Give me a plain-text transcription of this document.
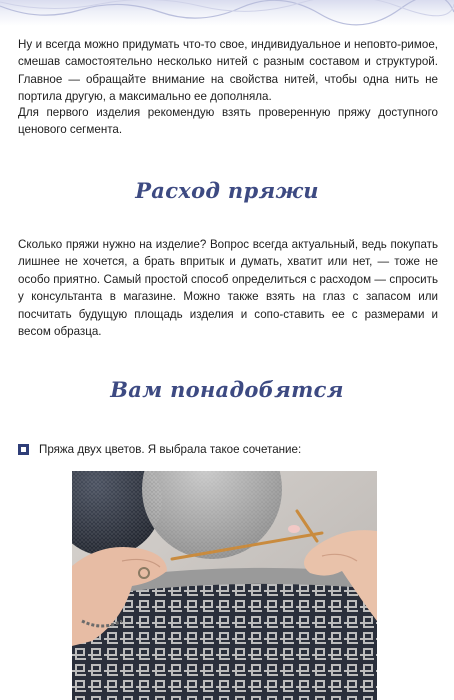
Ну и всегда можно придумать что-то свое, индивидуальное и неповто-римое, смешав самостоятельно несколько нитей с разным составом и структурой. Главное — обращайте внимание на свойства нитей, чтобы одна нить не портила другую, а максимально ее дополняла.

Для первого изделия рекомендую взять проверенную пряжу доступного ценового сегмента.

Расход пряжи

Сколько пряжи нужно на изделие? Вопрос всегда актуальный, ведь покупать лишнее не хочется, а брать впритык и думать, хватит или нет, — тоже не особо приятно. Самый простой способ определиться с расходом — спросить у консультанта в магазине. Можно также взять на глаз с запасом или посчитать будущую площадь изделия и сопо-ставить ее с размерами и весом образца.

Вам понадобятся
Пряжа двух цветов. Я выбрала такое сочетание:
